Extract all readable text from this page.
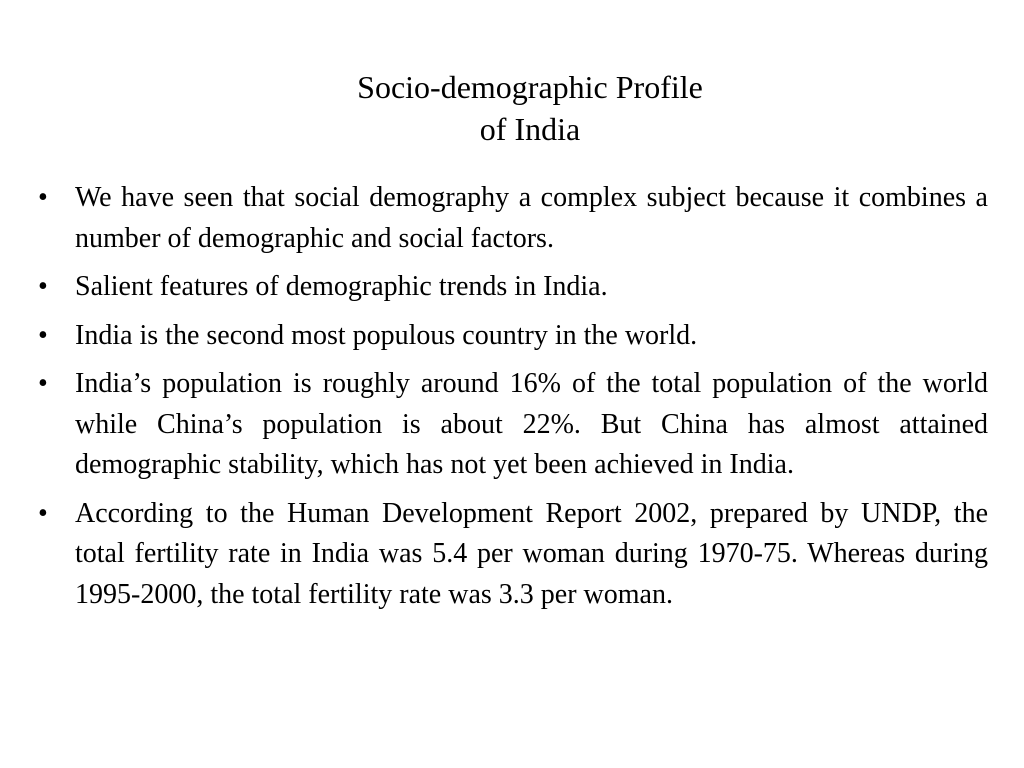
Socio-demographic Profile
of India
• We have seen that social demography a complex subject because it combines a number of demographic and social factors.
• Salient features of demographic trends in India.
• India is the second most populous country in the world.
• India’s population is roughly around 16% of the total population of the world while China’s population is about 22%. But China has almost attained demographic stability, which has not yet been achieved in India.
• According to the Human Development Report 2002, prepared by UNDP, the total fertility rate in India was 5.4 per woman during 1970-75. Whereas during 1995-2000, the total fertility rate was 3.3 per woman.
